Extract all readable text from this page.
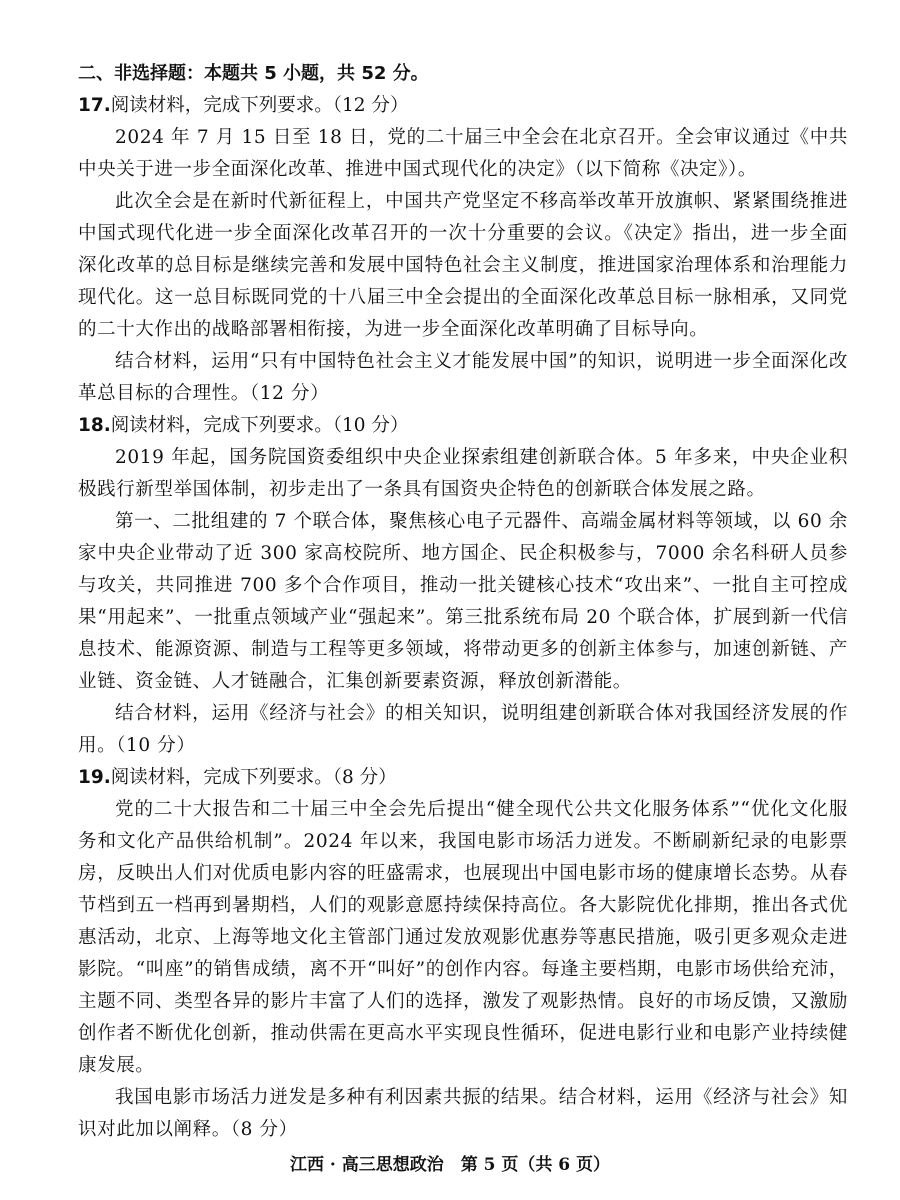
二、非选择题：本题共 5 小题，共 52 分。

17.阅读材料，完成下列要求。（12 分）

2024 年 7 月 15 日至 18 日，党的二十届三中全会在北京召开。全会审议通过《中共中央关于进一步全面深化改革、推进中国式现代化的决定》（以下简称《决定》）。

此次全会是在新时代新征程上，中国共产党坚定不移高举改革开放旗帜、紧紧围绕推进中国式现代化进一步全面深化改革召开的一次十分重要的会议。《决定》指出，进一步全面深化改革的总目标是继续完善和发展中国特色社会主义制度，推进国家治理体系和治理能力现代化。这一总目标既同党的十八届三中全会提出的全面深化改革总目标一脉相承，又同党的二十大作出的战略部署相衔接，为进一步全面深化改革明确了目标导向。

结合材料，运用“只有中国特色社会主义才能发展中国”的知识，说明进一步全面深化改革总目标的合理性。（12 分）

18.阅读材料，完成下列要求。（10 分）

2019 年起，国务院国资委组织中央企业探索组建创新联合体。5 年多来，中央企业积极践行新型举国体制，初步走出了一条具有国资央企特色的创新联合体发展之路。

第一、二批组建的 7 个联合体，聚焦核心电子元器件、高端金属材料等领域，以 60 余家中央企业带动了近 300 家高校院所、地方国企、民企积极参与，7000 余名科研人员参与攻关，共同推进 700 多个合作项目，推动一批关键核心技术“攻出来”、一批自主可控成果“用起来”、一批重点领域产业“强起来”。第三批系统布局 20 个联合体，扩展到新一代信息技术、能源资源、制造与工程等更多领域，将带动更多的创新主体参与，加速创新链、产业链、资金链、人才链融合，汇集创新要素资源，释放创新潜能。

结合材料，运用《经济与社会》的相关知识，说明组建创新联合体对我国经济发展的作用。（10 分）

19.阅读材料，完成下列要求。（8 分）

党的二十大报告和二十届三中全会先后提出“健全现代公共文化服务体系”“优化文化服务和文化产品供给机制”。2024 年以来，我国电影市场活力迸发。不断刷新纪录的电影票房，反映出人们对优质电影内容的旺盛需求，也展现出中国电影市场的健康增长态势。从春节档到五一档再到暑期档，人们的观影意愿持续保持高位。各大影院优化排期，推出各式优惠活动，北京、上海等地文化主管部门通过发放观影优惠券等惠民措施，吸引更多观众走进影院。“叫座”的销售成绩，离不开“叫好”的创作内容。每逢主要档期，电影市场供给充沛，主题不同、类型各异的影片丰富了人们的选择，激发了观影热情。良好的市场反馈，又激励创作者不断优化创新，推动供需在更高水平实现良性循环，促进电影行业和电影产业持续健康发展。

我国电影市场活力迸发是多种有利因素共振的结果。结合材料，运用《经济与社会》知识对此加以阐释。（8 分）

江西 · 高三思想政治　第 5 页（共 6 页）
